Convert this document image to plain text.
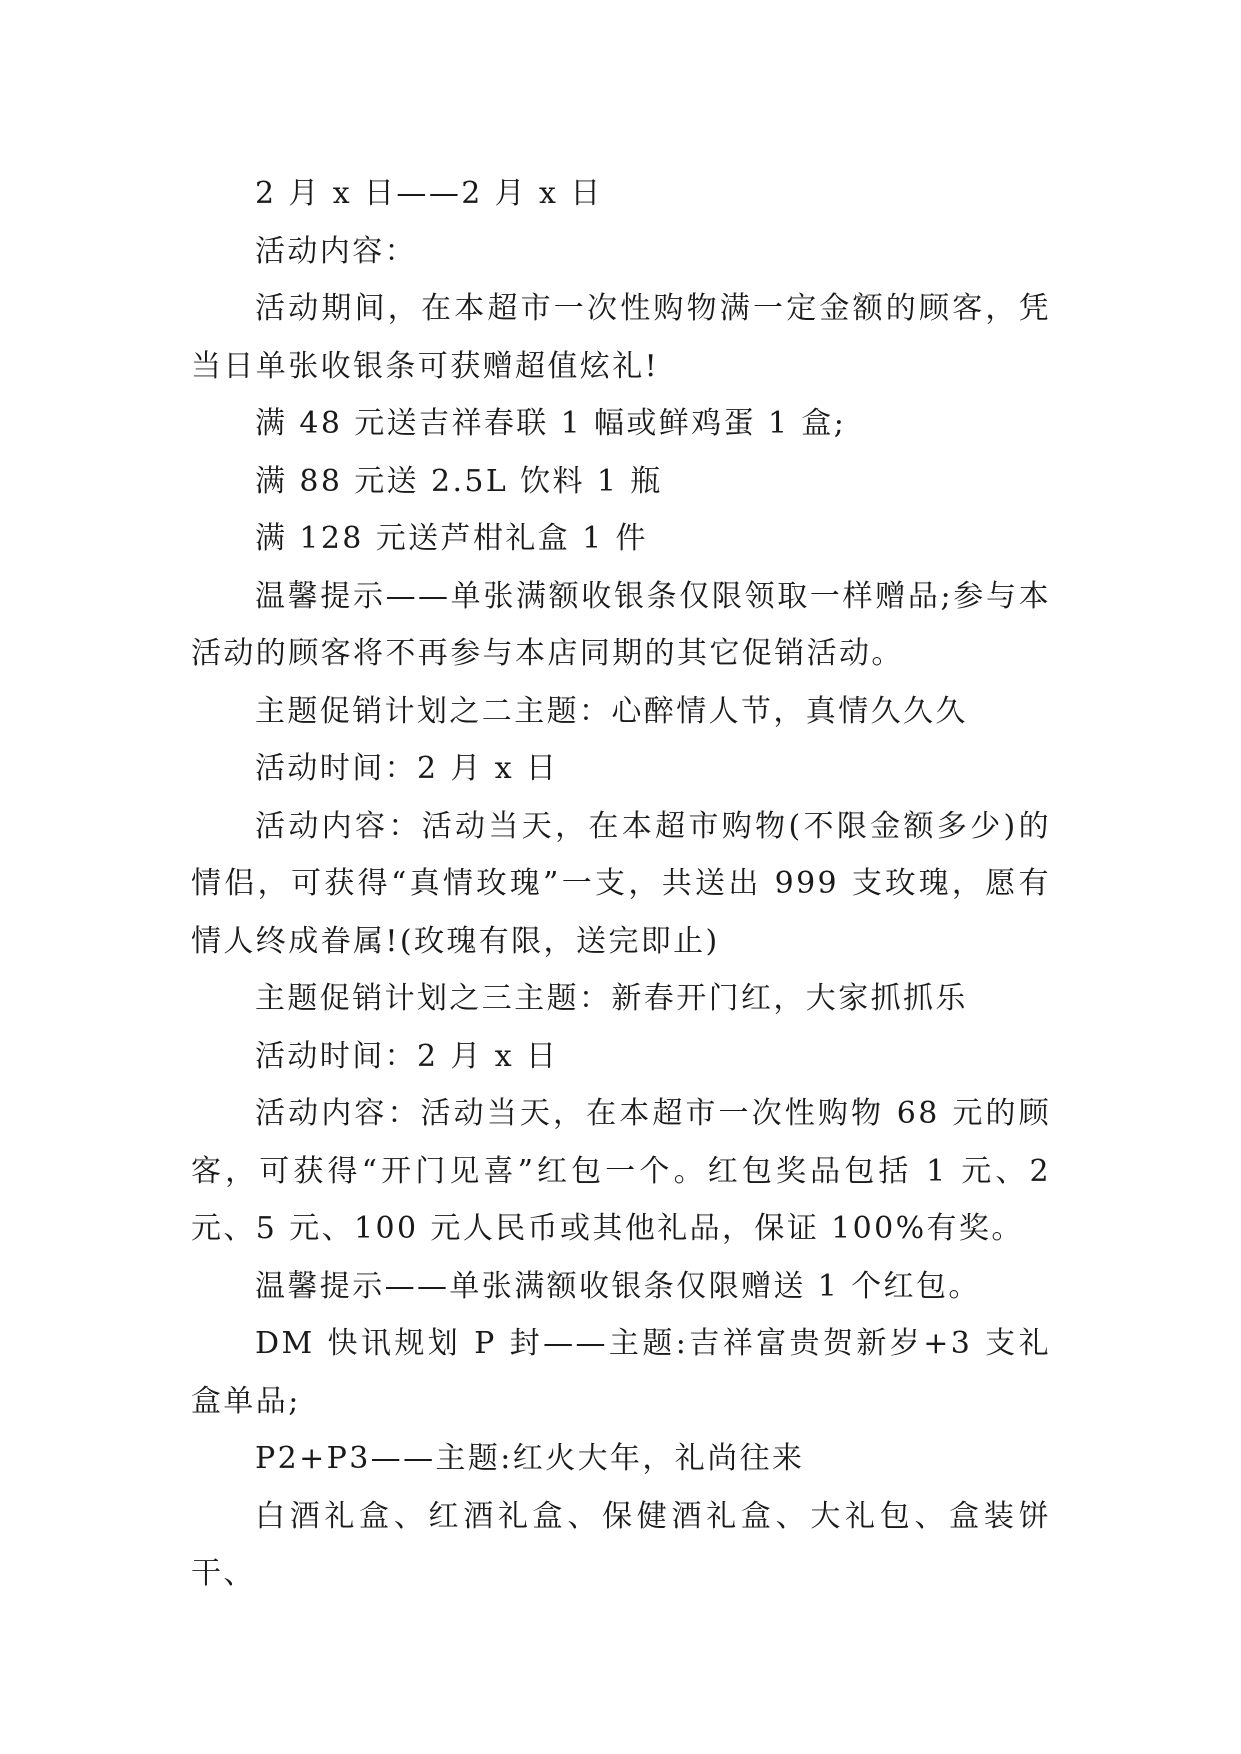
2 月 x 日——2 月 x 日

活动内容：

活动期间，在本超市一次性购物满一定金额的顾客，凭当日单张收银条可获赠超值炫礼!

满 48 元送吉祥春联 1 幅或鲜鸡蛋 1 盒;

满 88 元送 2.5L 饮料 1 瓶

满 128 元送芦柑礼盒 1 件

温馨提示——单张满额收银条仅限领取一样赠品;参与本活动的顾客将不再参与本店同期的其它促销活动。

主题促销计划之二主题：心醉情人节，真情久久久

活动时间：2 月 x 日

活动内容：活动当天，在本超市购物(不限金额多少)的情侣，可获得“真情玫瑰”一支，共送出 999 支玫瑰，愿有情人终成眷属!(玫瑰有限，送完即止)

主题促销计划之三主题：新春开门红，大家抓抓乐

活动时间：2 月 x 日

活动内容：活动当天，在本超市一次性购物 68 元的顾客，可获得“开门见喜”红包一个。红包奖品包括 1 元、2 元、5 元、100 元人民币或其他礼品，保证 100%有奖。

温馨提示——单张满额收银条仅限赠送 1 个红包。

DM 快讯规划 P 封——主题:吉祥富贵贺新岁+3 支礼盒单品;

P2+P3——主题:红火大年，礼尚往来

白酒礼盒、红酒礼盒、保健酒礼盒、大礼包、盒装饼干、
